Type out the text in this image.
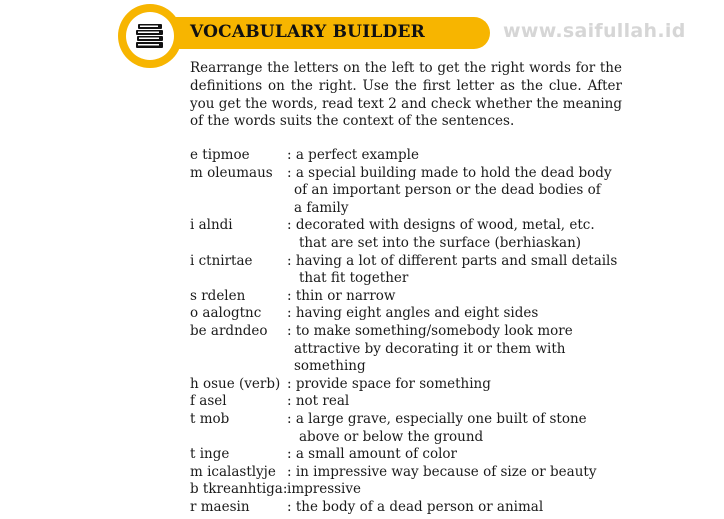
VOCABULARY BUILDER	www.saifullah.id

Rearrange the letters on the left to get the right words for the definitions on the right. Use the first letter as the clue. After you get the words, read text 2 and check whether the meaning of the words suits the context of the sentences.

e tipmoe	: a perfect example
m oleumaus	: a special building made to hold the dead body
of an important person or the dead bodies of
a family
i alndi	: decorated with designs of wood, metal, etc.
that are set into the surface (berhiaskan)
i ctnirtae	: having a lot of different parts and small details
that fit together
s rdelen	: thin or narrow
o aalogtnc	: having eight angles and eight sides
be ardndeo	: to make something/somebody look more
attractive by decorating it or them with
something
h osue (verb) : provide space for something
f asel	: not real
t mob	: a large grave, especially one built of stone
above or below the ground
t inge	: a small amount of color
m icalastlyje : in impressive way because of size or beauty
b tkreanhtiga: impressive
r maesin	: the body of a dead person or animal
